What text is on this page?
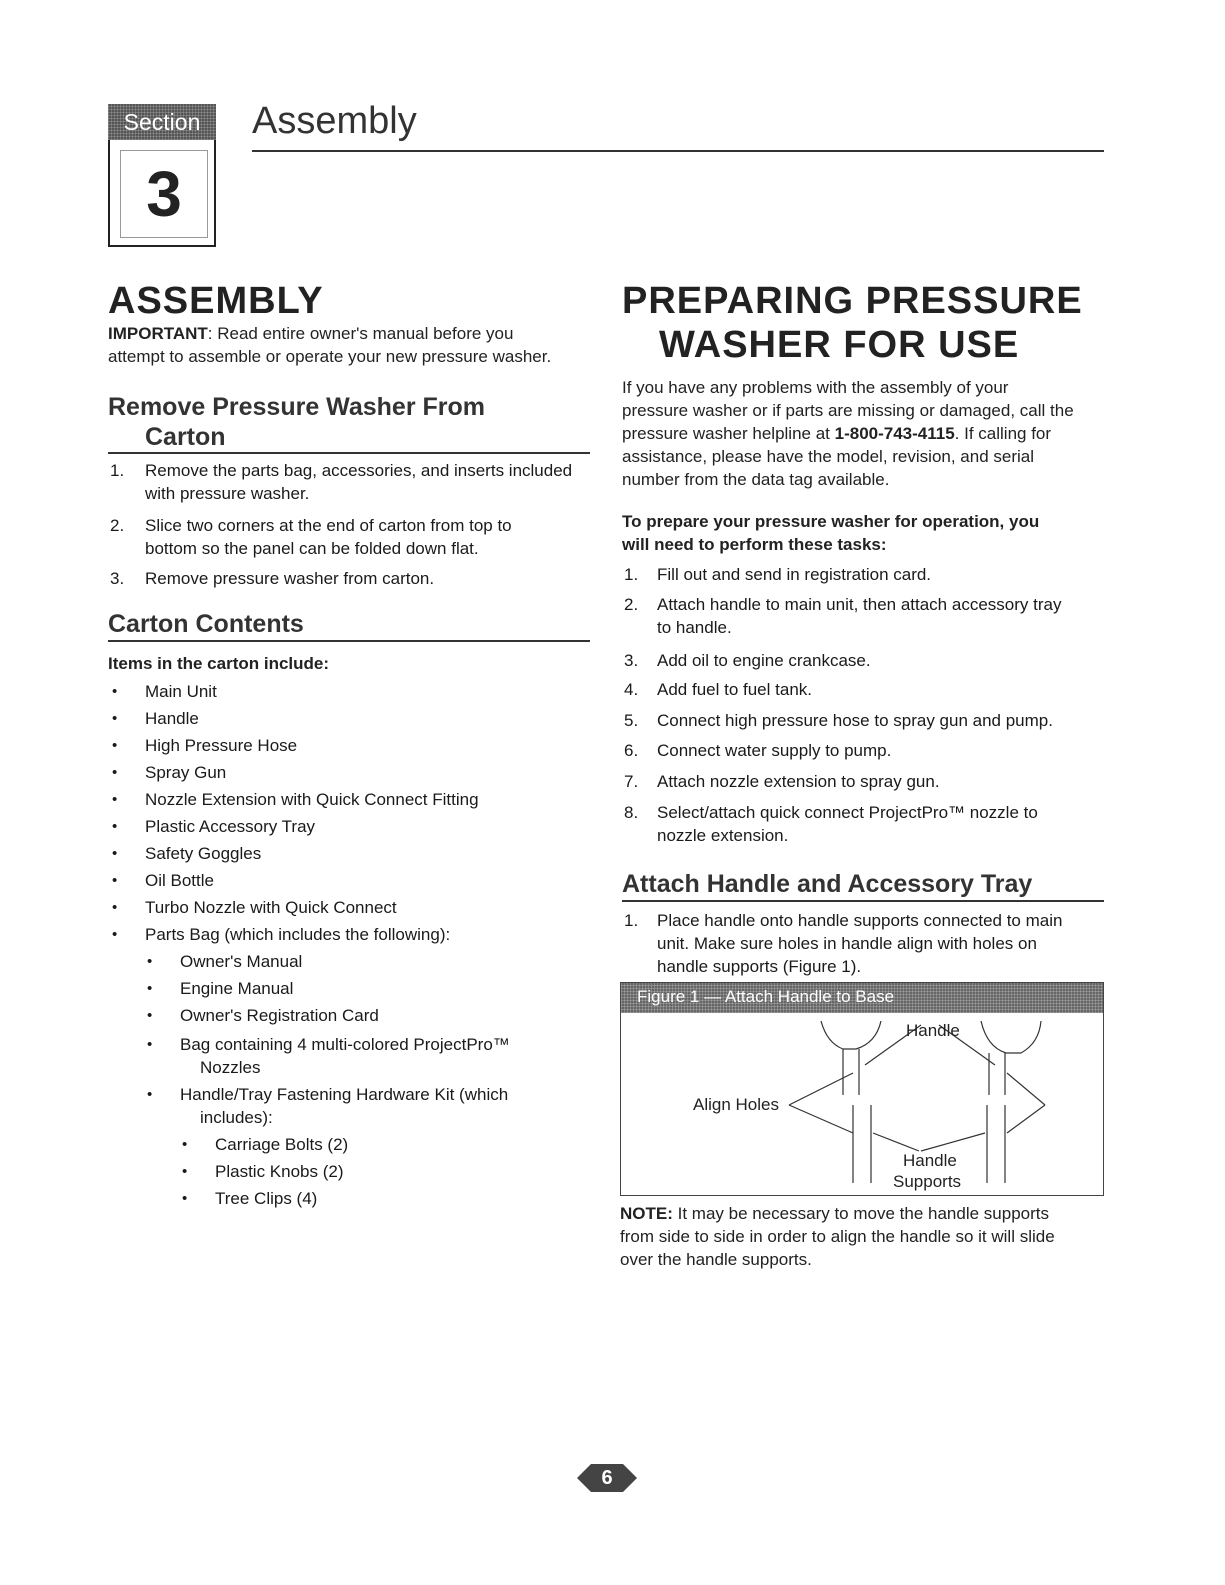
Section
3
Assembly
ASSEMBLY
IMPORTANT: Read entire owner's manual before you
attempt to assemble or operate your new pressure washer.
Remove Pressure Washer From
Carton
1. Remove the parts bag, accessories, and inserts included
with pressure washer.
2. Slice two corners at the end of carton from top to
bottom so the panel can be folded down flat.
3. Remove pressure washer from carton.
Carton Contents
Items in the carton include:
• Main Unit
• Handle
• High Pressure Hose
• Spray Gun
• Nozzle Extension with Quick Connect Fitting
• Plastic Accessory Tray
• Safety Goggles
• Oil Bottle
• Turbo Nozzle with Quick Connect
• Parts Bag (which includes the following):
• Owner's Manual
• Engine Manual
• Owner's Registration Card
• Bag containing 4 multi-colored ProjectPro™
Nozzles
• Handle/Tray Fastening Hardware Kit (which
includes):
• Carriage Bolts (2)
• Plastic Knobs (2)
• Tree Clips (4)
PREPARING PRESSURE
WASHER FOR USE
If you have any problems with the assembly of your
pressure washer or if parts are missing or damaged, call the
pressure washer helpline at 1-800-743-4115. If calling for
assistance, please have the model, revision, and serial
number from the data tag available.
To prepare your pressure washer for operation, you
will need to perform these tasks:
1. Fill out and send in registration card.
2. Attach handle to main unit, then attach accessory tray
to handle.
3. Add oil to engine crankcase.
4. Add fuel to fuel tank.
5. Connect high pressure hose to spray gun and pump.
6. Connect water supply to pump.
7. Attach nozzle extension to spray gun.
8. Select/attach quick connect ProjectPro™ nozzle to
nozzle extension.
Attach Handle and Accessory Tray
1. Place handle onto handle supports connected to main
unit. Make sure holes in handle align with holes on
handle supports (Figure 1).
Figure 1 — Attach Handle to Base
Handle
Align Holes
Handle
Supports
NOTE: It may be necessary to move the handle supports
from side to side in order to align the handle so it will slide
over the handle supports.
6
